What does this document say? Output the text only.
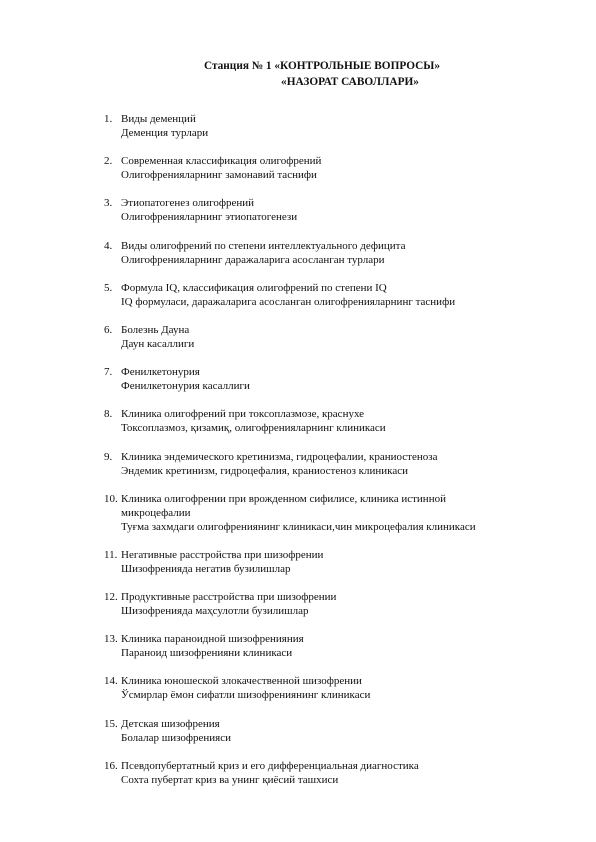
Станция № 1 «КОНТРОЛЬНЫЕ ВОПРОСЫ»
«НАЗОРАТ САВОЛЛАРИ»
1. Виды деменций
Деменция турлари
2. Современная классификация олигофрений
Олигофренияларнинг замонавий таснифи
3. Этиопатогенез олигофрений
Олигофренияларнинг этиопатогенези
4. Виды олигофрений по степени интеллектуального дефицита
Олигофренияларнинг даражаларига асосланган турлари
5. Формула IQ, классификация олигофрений по степени IQ
IQ формуласи, даражаларига асосланган олигофренияларнинг таснифи
6. Болезнь Дауна
Даун касаллиги
7. Фенилкетонурия
Фенилкетонурия касаллиги
8. Клиника олигофрений при токсоплазмозе, краснухе
Токсоплазмоз, қизамиқ, олигофренияларнинг клиникаси
9. Клиника эндемического кретинизма, гидроцефалии, краниостеноза
Эндемик кретинизм, гидроцефалия, краниостеноз клиникаси
10. Клиника олигофрении при врожденном сифилисе, клиника истинной
микроцефалии
Туғма захмдаги олигофрениянинг клиникаси,чин микроцефалия клиникаси
11. Негативные расстройства при шизофрении
Шизофренияда негатив бузилишлар
12. Продуктивные расстройства при шизофрении
Шизофренияда маҳсулотли бузилишлар
13. Клиника параноидной шизофренияния
Параноид шизофренияни клиникаси
14. Клиника юношеской злокачественной шизофрении
Ўсмирлар ёмон сифатли шизофрениянинг клиникаси
15. Детская шизофрения
Болалар шизофренияси
16. Псевдопубертатный криз и его дифференциальная диагностика
Сохта пубертат криз ва унинг қиёсий ташхиси
